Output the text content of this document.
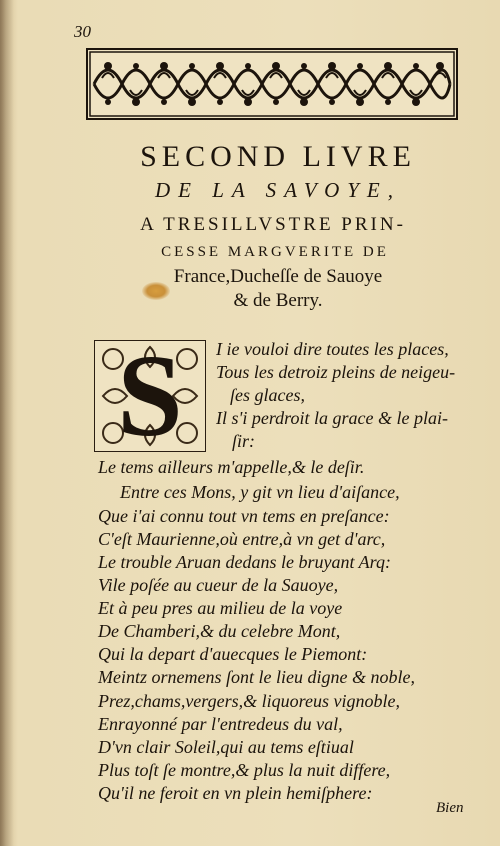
30
SECOND LIVRE
DE LA SAVOYE,
A TRESILLVSTRE PRIN-
CESSE MARGVERITE DE
France,Ducheſſe de Sauoye
& de Berry.
S	I ie vouloi dire toutes les places,
Tous les detroiz pleins de neigeu-
ſes glaces,
Il s'i perdroit la grace & le plai-
ſir:
Le tems ailleurs m'appelle,& le deſir.
Entre ces Mons, y git vn lieu d'aiſance,
Que i'ai connu tout vn tems en preſance:
C'eſt Maurienne,où entre,à vn get d'arc,
Le trouble Aruan dedans le bruyant Arq:
Vile poſée au cueur de la Sauoye,
Et à peu pres au milieu de la voye
De Chamberi,& du celebre Mont,
Qui la depart d'auecques le Piemont:
Meintz ornemens ſont le lieu digne & noble,
Prez,chams,vergers,& liquoreus vignoble,
Enrayonné par l'entredeus du val,
D'vn clair Soleil,qui au tems eſtiual
Plus toſt ſe montre,& plus la nuit differe,
Qu'il ne feroit en vn plein hemiſphere:
Bien
